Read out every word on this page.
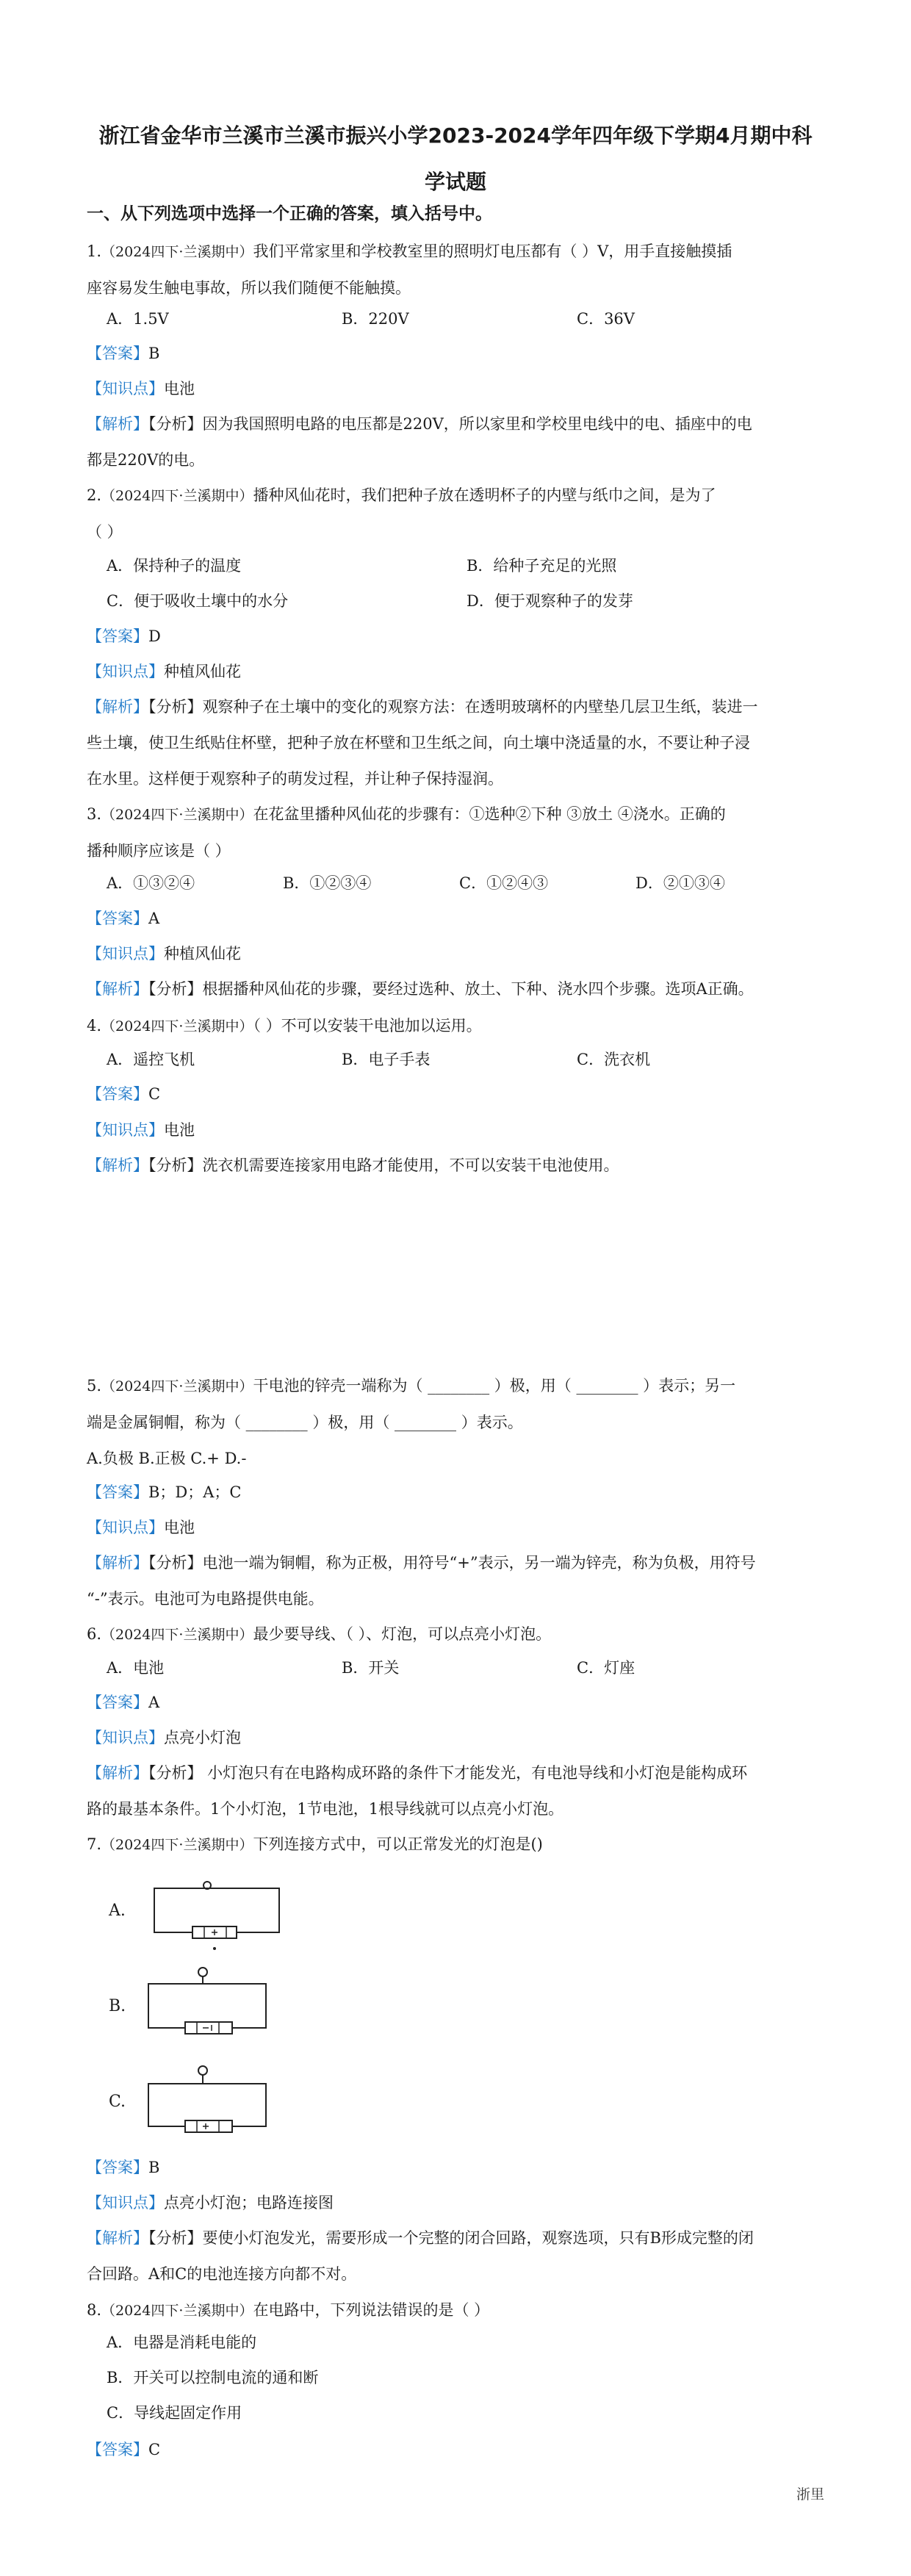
浙江省金华市兰溪市兰溪市振兴小学2023-2024学年四年级下学期4月期中科
学试题
一、从下列选项中选择一个正确的答案，填入括号中。
1.（2024四下·兰溪期中）我们平常家里和学校教室里的照明灯电压都有（ ）V，用手直接触摸插
座容易发生触电事故，所以我们随便不能触摸。
A．1.5V	B．220V	C．36V
【答案】B
【知识点】电池
【解析】【分析】因为我国照明电路的电压都是220V，所以家里和学校里电线中的电、插座中的电
都是220V的电。
2.（2024四下·兰溪期中）播种风仙花时，我们把种子放在透明杯子的内壁与纸巾之间，是为了
（ ）
A．保持种子的温度	B．给种子充足的光照
C．便于吸收土壤中的水分	D．便于观察种子的发芽
【答案】D
【知识点】种植风仙花
【解析】【分析】观察种子在土壤中的变化的观察方法：在透明玻璃杯的内壁垫几层卫生纸，装进一
些土壤，使卫生纸贴住杯壁，把种子放在杯壁和卫生纸之间，向土壤中浇适量的水，不要让种子浸
在水里。这样便于观察种子的萌发过程，并让种子保持湿润。
3.（2024四下·兰溪期中）在花盆里播种风仙花的步骤有：①选种②下种 ③放土 ④浇水。正确的
播种顺序应该是（ ）
A．①③②④	B．①②③④	C．①②④③	D．②①③④
【答案】A
【知识点】种植风仙花
【解析】【分析】根据播种风仙花的步骤，要经过选种、放土、下种、浇水四个步骤。选项A正确。
4.（2024四下·兰溪期中）（ ）不可以安装干电池加以运用。
A．遥控飞机	B．电子手表	C．洗衣机
【答案】C
【知识点】电池
【解析】【分析】洗衣机需要连接家用电路才能使用，不可以安装干电池使用。
5.（2024四下·兰溪期中）干电池的锌壳一端称为（ ________ ）极，用（ ________ ）表示；另一
端是金属铜帽，称为（ ________ ）极，用（ ________ ）表示。
A.负极 B.正极 C.+ D.-
【答案】B；D；A；C
【知识点】电池
【解析】【分析】电池一端为铜帽，称为正极，用符号“+”表示，另一端为锌壳，称为负极，用符号
“-”表示。电池可为电路提供电能。
6.（2024四下·兰溪期中）最少要导线、（ ）、灯泡，可以点亮小灯泡。
A．电池	B．开关	C．灯座
【答案】A
【知识点】点亮小灯泡
【解析】【分析】 小灯泡只有在电路构成环路的条件下才能发光，有电池导线和小灯泡是能构成环
路的最基本条件。1个小灯泡，1节电池，1根导线就可以点亮小灯泡。
7.（2024四下·兰溪期中）下列连接方式中，可以正常发光的灯泡是()
A.
B.
C.
【答案】B
【知识点】点亮小灯泡；电路连接图
【解析】【分析】要使小灯泡发光，需要形成一个完整的闭合回路，观察选项，只有B形成完整的闭
合回路。A和C的电池连接方向都不对。
8.（2024四下·兰溪期中）在电路中，下列说法错误的是（ ）
A．电器是消耗电能的
B．开关可以控制电流的通和断
C．导线起固定作用
【答案】C
浙里
